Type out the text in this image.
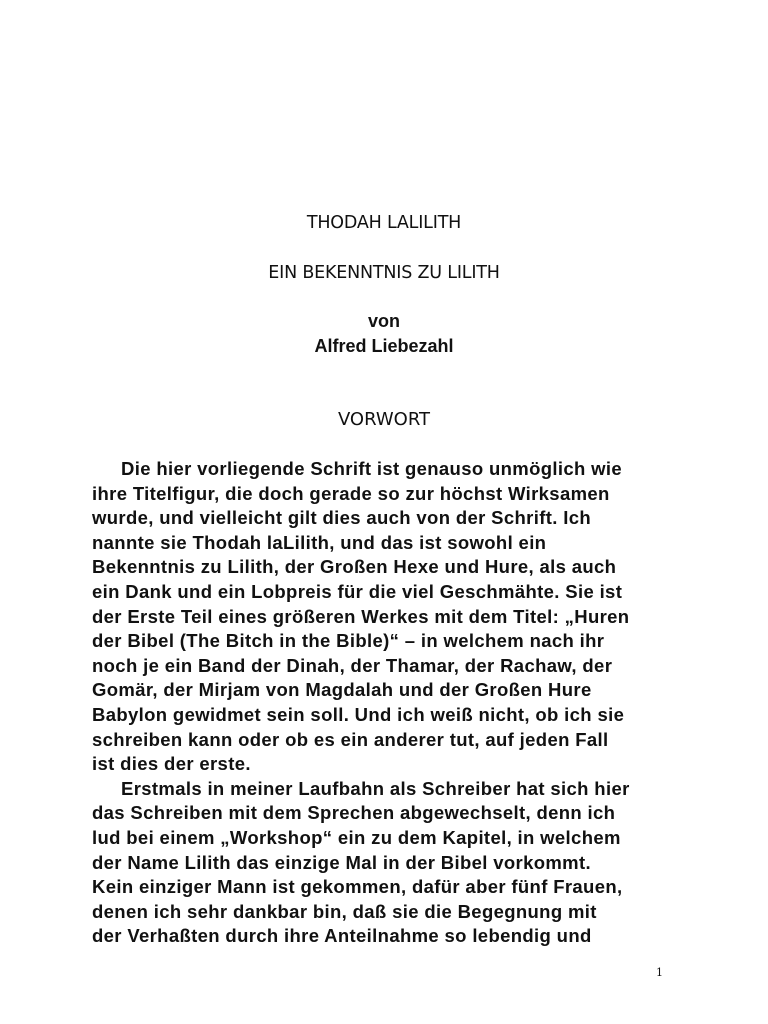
THODAH LALILITH
EIN BEKENNTNIS ZU LILITH
von
Alfred Liebezahl
VORWORT
Die hier vorliegende Schrift ist genauso unmöglich wie
ihre Titelfigur, die doch gerade so zur höchst Wirksamen
wurde, und vielleicht gilt dies auch von der Schrift. Ich
nannte sie Thodah laLilith, und das ist sowohl ein
Bekenntnis zu Lilith, der Großen Hexe und Hure, als auch
ein Dank und ein Lobpreis für die viel Geschmähte. Sie ist
der Erste Teil eines größeren Werkes mit dem Titel: „Huren
der Bibel (The Bitch in the Bible)“ – in welchem nach ihr
noch je ein Band der Dinah, der Thamar, der Rachaw, der
Gomär, der Mirjam von Magdalah und der Großen Hure
Babylon gewidmet sein soll. Und ich weiß nicht, ob ich sie
schreiben kann oder ob es ein anderer tut, auf jeden Fall
ist dies der erste.
Erstmals in meiner Laufbahn als Schreiber hat sich hier
das Schreiben mit dem Sprechen abgewechselt, denn ich
lud bei einem „Workshop“ ein zu dem Kapitel, in welchem
der Name Lilith das einzige Mal in der Bibel vorkommt.
Kein einziger Mann ist gekommen, dafür aber fünf Frauen,
denen ich sehr dankbar bin, daß sie die Begegnung mit
der Verhaßten durch ihre Anteilnahme so lebendig und
1
